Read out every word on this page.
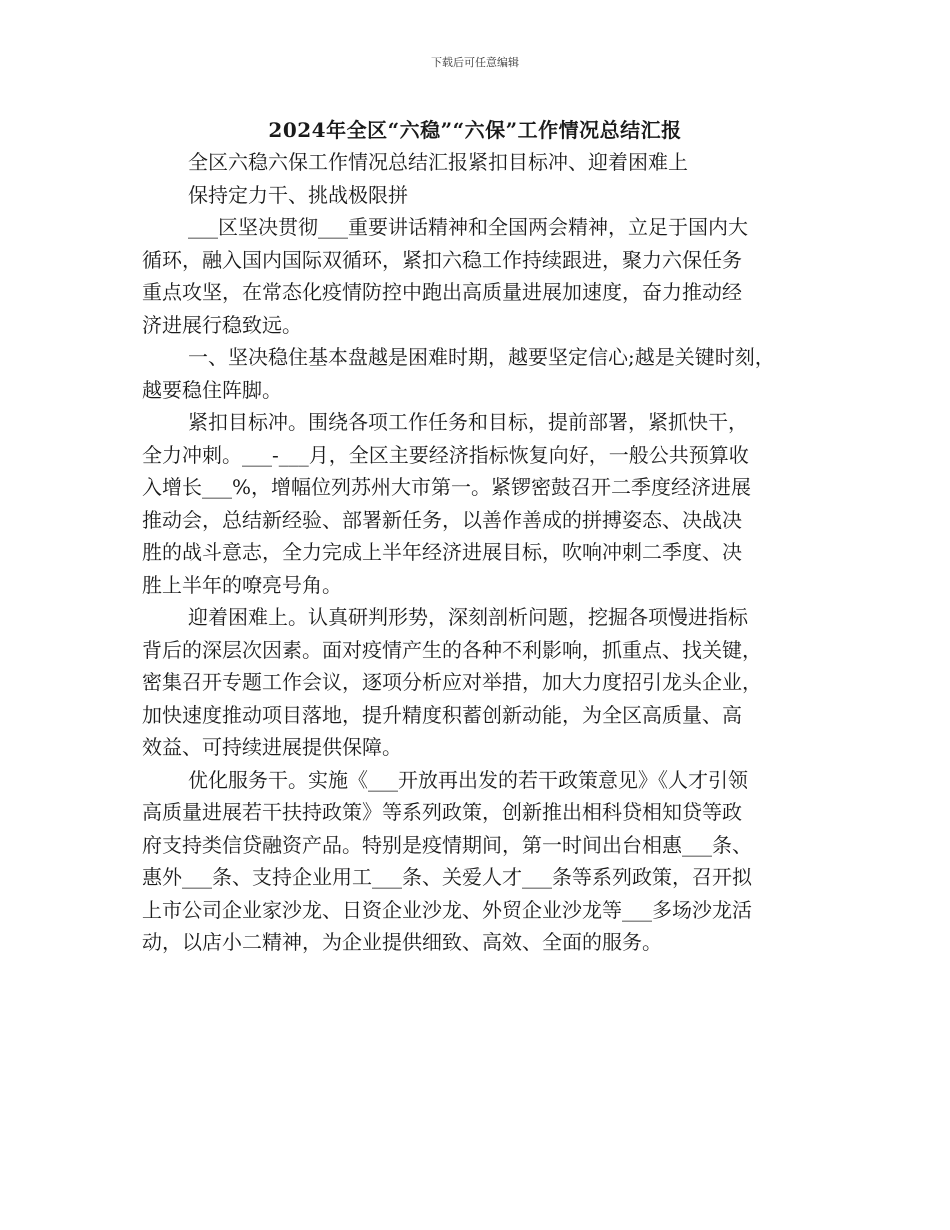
下载后可任意编辑
2024年全区“六稳”“六保”工作情况总结汇报
全区六稳六保工作情况总结汇报紧扣目标冲、迎着困难上
保持定力干、挑战极限拼
___区坚决贯彻___重要讲话精神和全国两会精神，立足于国内大
循环，融入国内国际双循环，紧扣六稳工作持续跟进，聚力六保任务
重点攻坚，在常态化疫情防控中跑出高质量进展加速度，奋力推动经
济进展行稳致远。
一、坚决稳住基本盘越是困难时期，越要坚定信心;越是关键时刻，
越要稳住阵脚。
紧扣目标冲。围绕各项工作任务和目标，提前部署，紧抓快干，
全力冲刺。___-___月，全区主要经济指标恢复向好，一般公共预算收
入增长___%，增幅位列苏州大市第一。紧锣密鼓召开二季度经济进展
推动会，总结新经验、部署新任务，以善作善成的拼搏姿态、决战决
胜的战斗意志，全力完成上半年经济进展目标，吹响冲刺二季度、决
胜上半年的嘹亮号角。
迎着困难上。认真研判形势，深刻剖析问题，挖掘各项慢进指标
背后的深层次因素。面对疫情产生的各种不利影响，抓重点、找关键，
密集召开专题工作会议，逐项分析应对举措，加大力度招引龙头企业，
加快速度推动项目落地，提升精度积蓄创新动能，为全区高质量、高
效益、可持续进展提供保障。
优化服务干。实施《___开放再出发的若干政策意见》《人才引领
高质量进展若干扶持政策》等系列政策，创新推出相科贷相知贷等政
府支持类信贷融资产品。特别是疫情期间，第一时间出台相惠___条、
惠外___条、支持企业用工___条、关爱人才___条等系列政策，召开拟
上市公司企业家沙龙、日资企业沙龙、外贸企业沙龙等___多场沙龙活
动，以店小二精神，为企业提供细致、高效、全面的服务。
